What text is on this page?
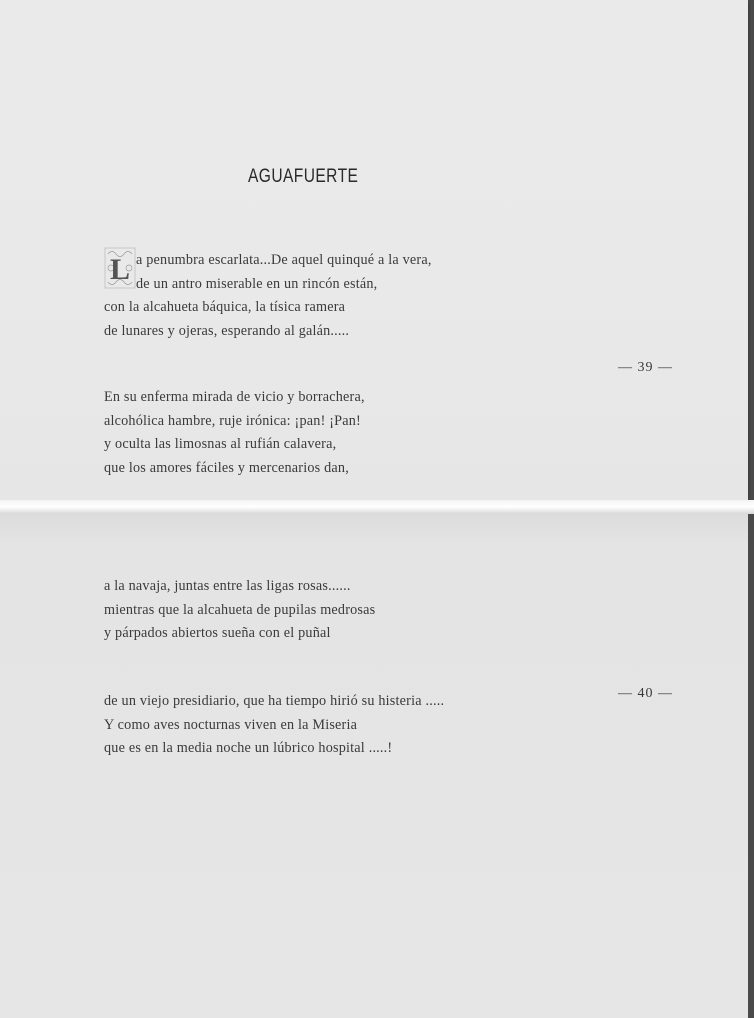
AGUAFUERTE
L a penumbra escarlata...De aquel quinqué a la vera,
de un antro miserable en un rincón están,
con la alcahueta báquica, la tísica ramera
de lunares y ojeras, esperando al galán.....
— 39 —
En su enferma mirada de vicio y borrachera,
alcohólica hambre, ruje irónica: ¡pan! ¡Pan!
y oculta las limosnas al rufián calavera,
que los amores fáciles y mercenarios dan,
a la navaja, juntas entre las ligas rosas......
mientras que la alcahueta de pupilas medrosas
y párpados abiertos sueña con el puñal
— 40 —
de un viejo presidiario, que ha tiempo hirió su histeria .....
Y como aves nocturnas viven en la Miseria
que es en la media noche un lúbrico hospital .....!
